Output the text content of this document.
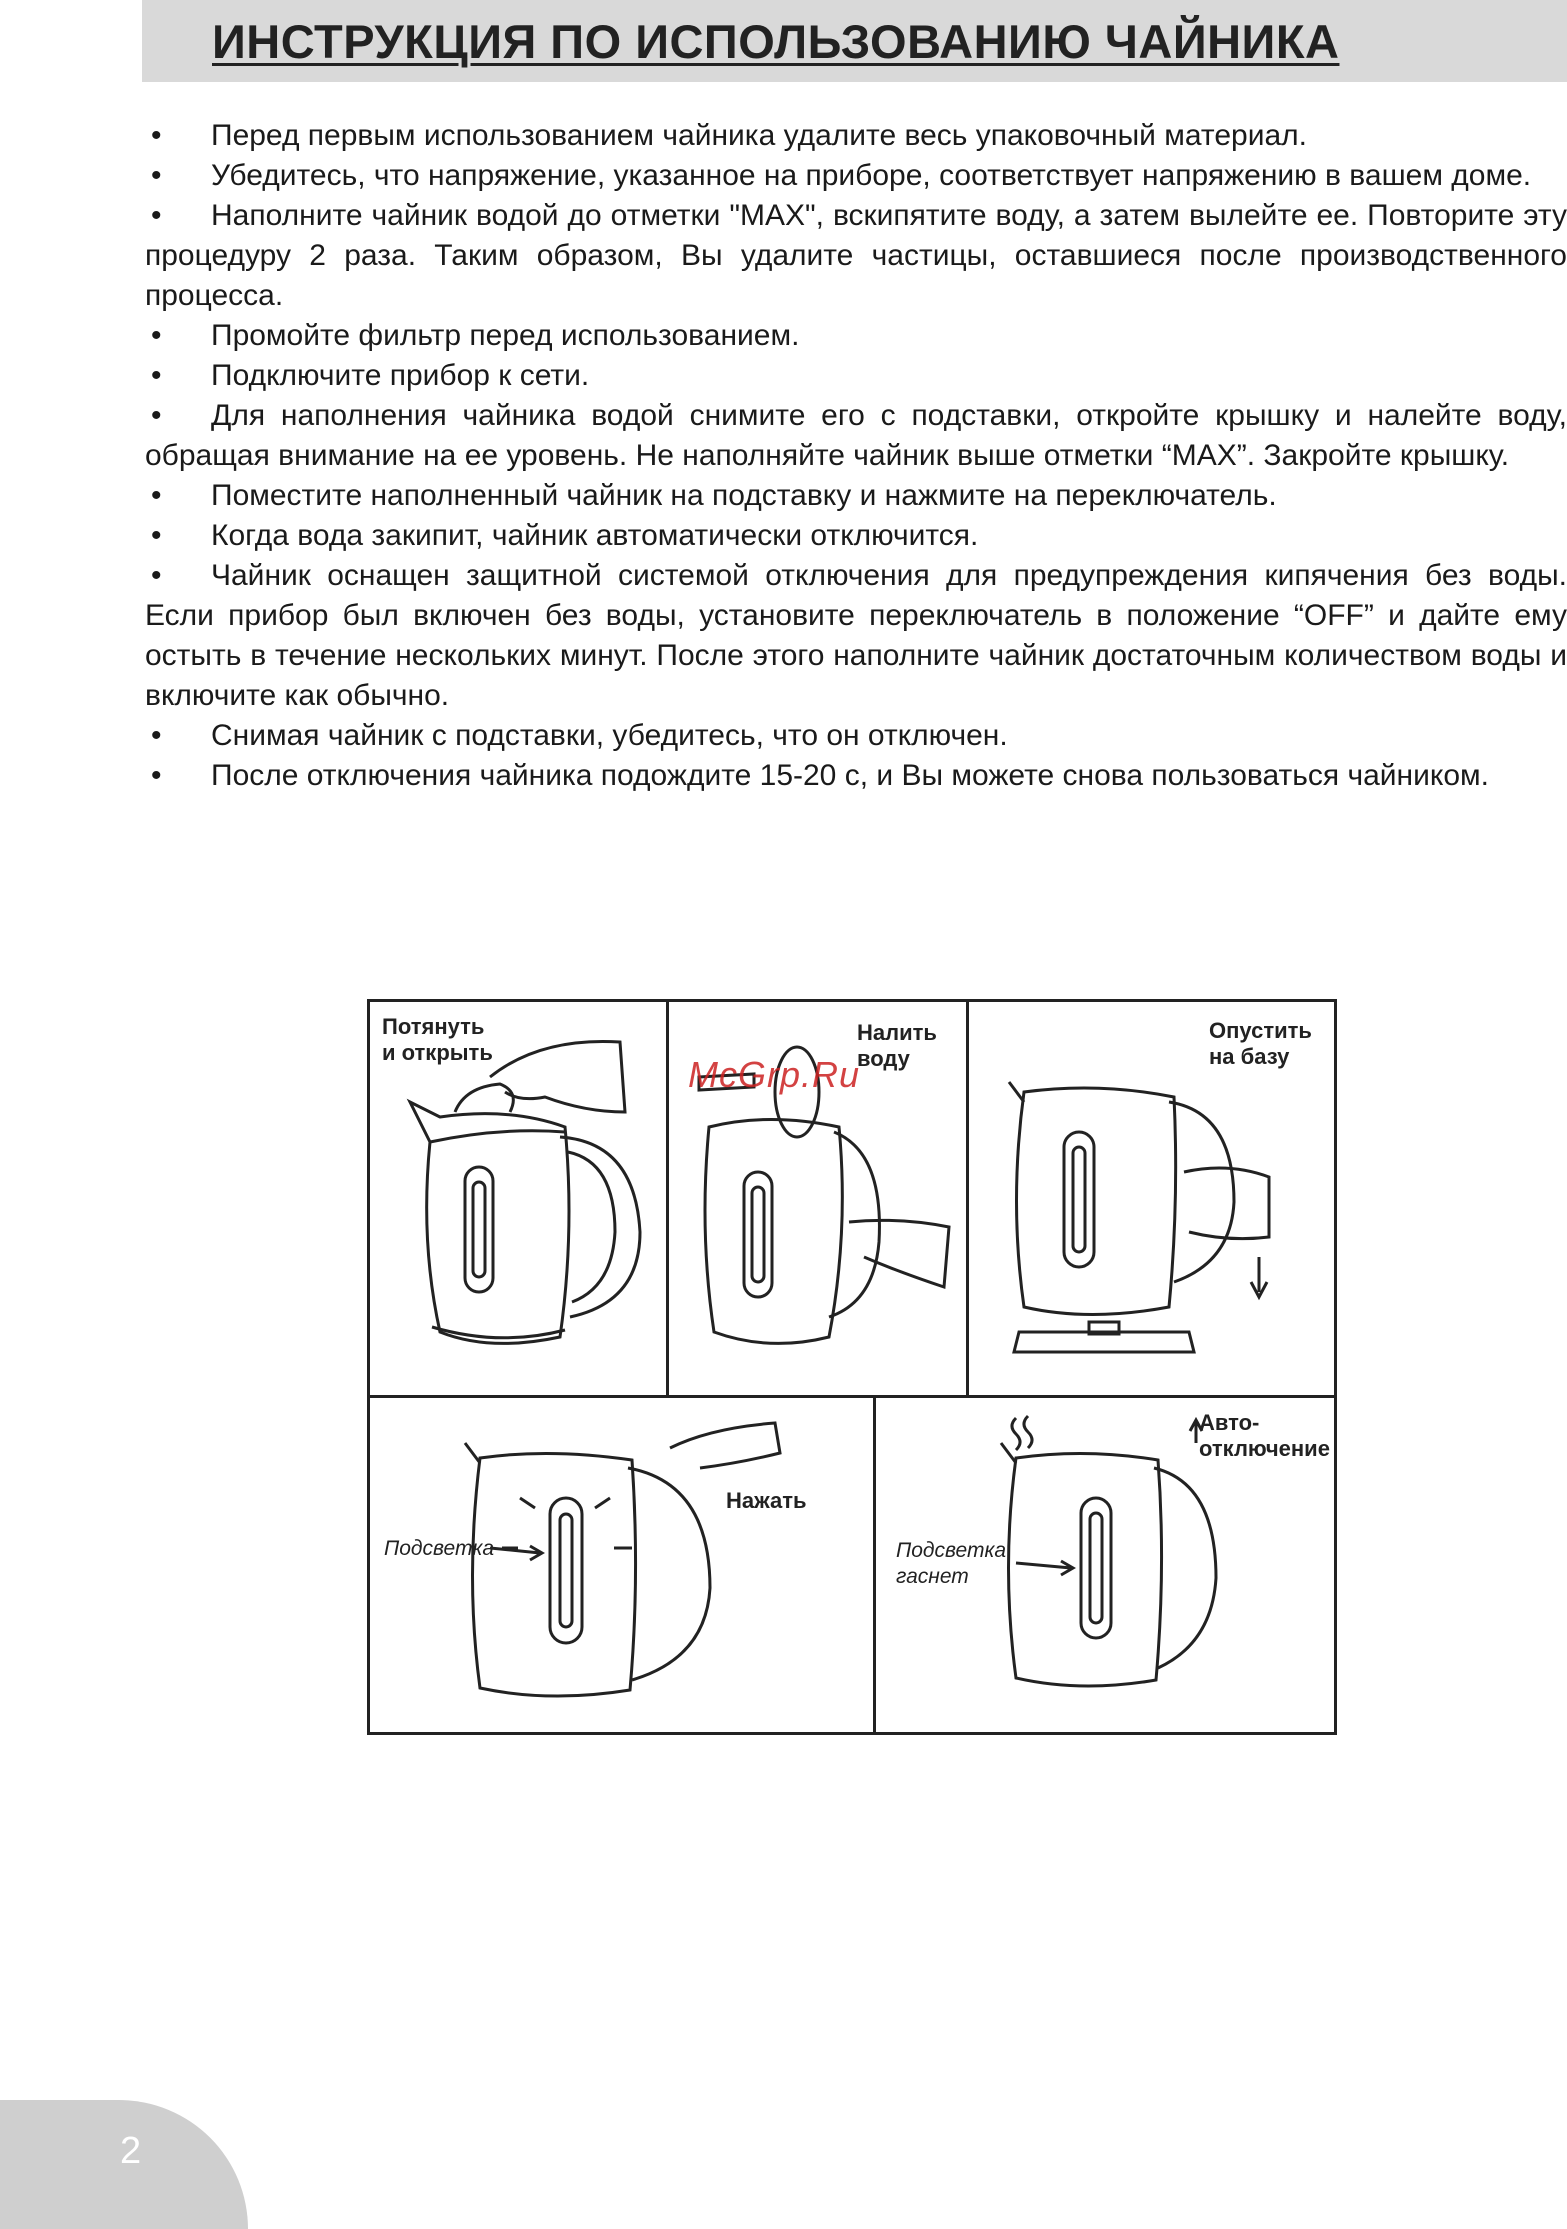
ИНСТРУКЦИЯ ПО ИСПОЛЬЗОВАНИЮ ЧАЙНИКА
• Перед первым использованием чайника удалите весь упаковочный материал.
• Убедитесь, что напряжение, указанное на приборе, соответствует напряжению в вашем доме.
• Наполните чайник водой до отметки "MAX", вскипятите воду, а затем вылейте ее. Повторите эту процедуру 2 раза. Таким образом, Вы удалите частицы, оставшиеся после производственного процесса.
• Промойте фильтр перед использованием.
• Подключите прибор к сети.
• Для наполнения чайника водой снимите его с подставки, откройте крышку и налейте воду, обращая внимание на ее уровень. Не наполняйте чайник выше отметки “MAX”. Закройте крышку.
• Поместите наполненный чайник на подставку и нажмите на переключатель.
• Когда вода закипит, чайник автоматически отключится.
• Чайник оснащен защитной системой отключения для предупреждения кипячения без воды. Если прибор был включен без воды, установите переключатель в положение “OFF” и дайте ему остыть в течение нескольких минут. После этого наполните чайник достаточным количеством воды и включите как обычно.
• Снимая чайник с подставки, убедитесь, что он отключен.
• После отключения чайника подождите 15-20 с, и Вы можете снова пользоваться чайником.
Потянуть
и открыть
Налить
воду
Опустить
на базу
Нажать
Подсветка
Авто-
отключение
Подсветка
гаснет
McGrp.Ru
2
